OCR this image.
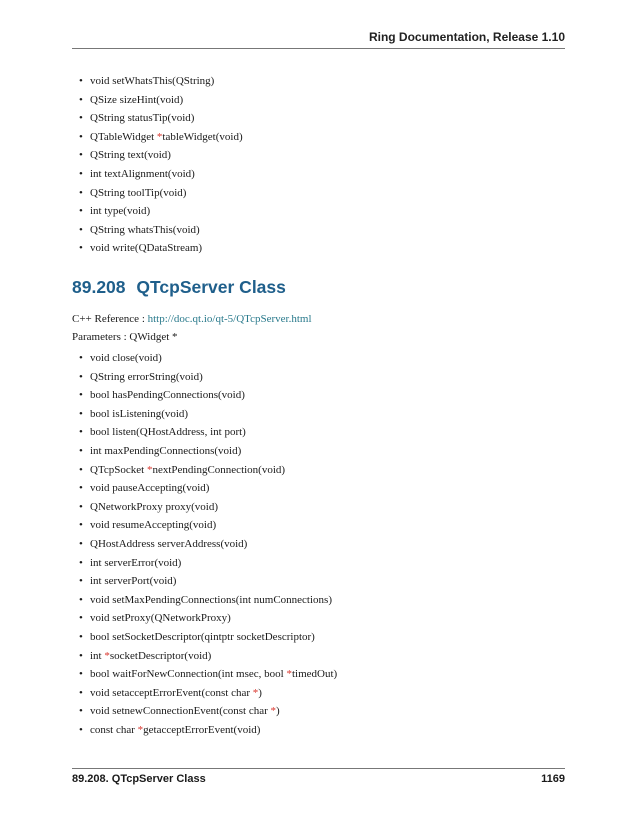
Ring Documentation, Release 1.10
• void setWhatsThis(QString)
• QSize sizeHint(void)
• QString statusTip(void)
• QTableWidget *tableWidget(void)
• QString text(void)
• int textAlignment(void)
• QString toolTip(void)
• int type(void)
• QString whatsThis(void)
• void write(QDataStream)
89.208 QTcpServer Class
C++ Reference : http://doc.qt.io/qt-5/QTcpServer.html
Parameters : QWidget *
• void close(void)
• QString errorString(void)
• bool hasPendingConnections(void)
• bool isListening(void)
• bool listen(QHostAddress, int port)
• int maxPendingConnections(void)
• QTcpSocket *nextPendingConnection(void)
• void pauseAccepting(void)
• QNetworkProxy proxy(void)
• void resumeAccepting(void)
• QHostAddress serverAddress(void)
• int serverError(void)
• int serverPort(void)
• void setMaxPendingConnections(int numConnections)
• void setProxy(QNetworkProxy)
• bool setSocketDescriptor(qintptr socketDescriptor)
• int *socketDescriptor(void)
• bool waitForNewConnection(int msec, bool *timedOut)
• void setacceptErrorEvent(const char *)
• void setnewConnectionEvent(const char *)
• const char *getacceptErrorEvent(void)
89.208. QTcpServer Class	1169
